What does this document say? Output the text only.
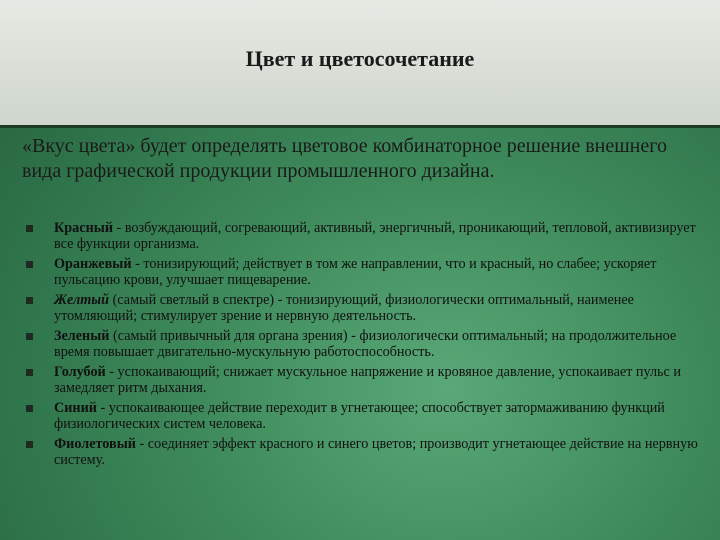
Цвет и цветосочетание

«Вкус цвета» будет определять цветовое комбинаторное решение внешнего вида графической продукции промышленного дизайна.

Красный - возбуждающий, согревающий, активный, энергичный, проникающий, тепловой, активизирует все функции организма.
Оранжевый - тонизирующий; действует в том же направлении, что и красный, но слабее; ускоряет пульсацию крови, улучшает пищеварение.
Желтый (самый светлый в спектре) - тонизирующий, физиологически оптимальный, наименее утомляющий; стимулирует зрение и нервную деятельность.
Зеленый (самый привычный для органа зрения) - физиологически оптимальный; на продолжительное время повышает двигательно-мускульную работоспособность.
Голубой - успокаивающий; снижает мускульное напряжение и кровяное давление, успокаивает пульс и замедляет ритм дыхания.
Синий - успокаивающее действие переходит в угнетающее; способствует затормаживанию функций физиологических систем человека.
Фиолетовый - соединяет эффект красного и синего цветов; производит угнетающее действие на нервную систему.
